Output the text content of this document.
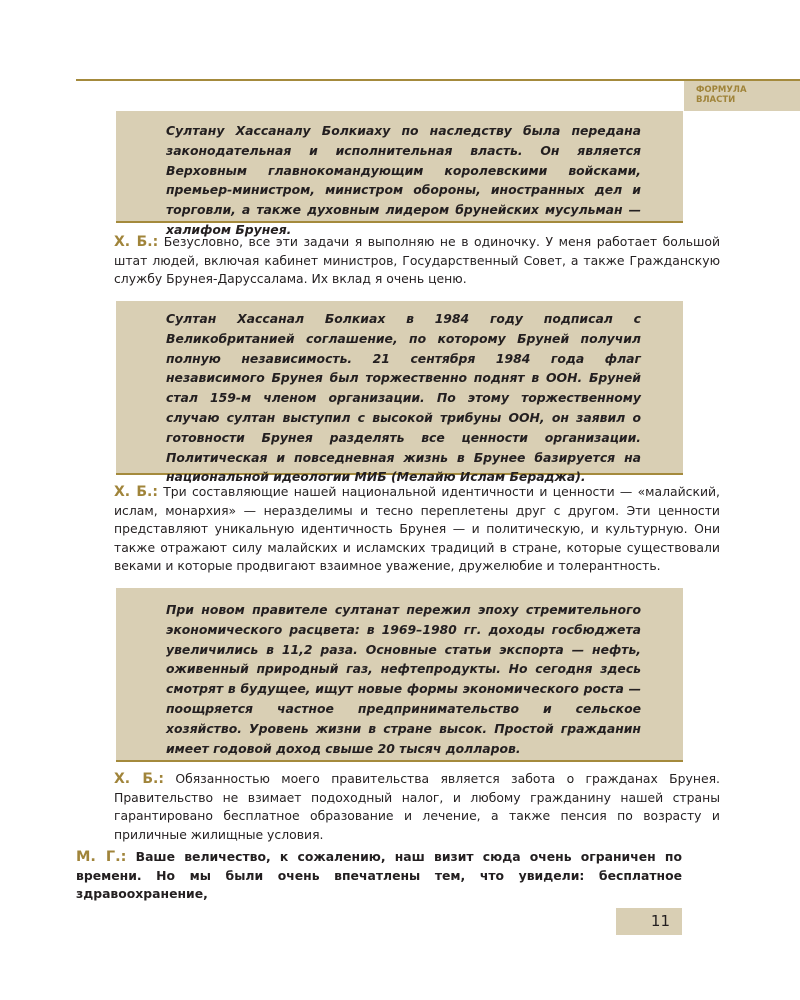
ФОРМУЛА
ВЛАСТИ

Султану Хассаналу Болкиаху по наследству была передана законодательная и исполнительная власть. Он является Верховным главнокомандующим королевскими войсками, премьер-министром, министром обороны, иностранных дел и торговли, а также духовным лидером брунейских мусульман — халифом Брунея.

Х. Б.: Безусловно, все эти задачи я выполняю не в одиночку. У меня работает большой штат людей, включая кабинет министров, Государственный Совет, а также Гражданскую службу Брунея-Даруссалама. Их вклад я очень ценю.

Султан Хассанал Болкиах в 1984 году подписал с Великобританией соглашение, по которому Бруней получил полную независимость. 21 сентября 1984 года флаг независимого Брунея был торжественно поднят в ООН. Бруней стал 159-м членом организации. По этому торжественному случаю султан выступил с высокой трибуны ООН, он заявил о готовности Брунея разделять все ценности организации. Политическая и повседневная жизнь в Брунее базируется на национальной идеологии МИБ (Мелайю Ислам Бераджа).

Х. Б.: Три составляющие нашей национальной идентичности и ценности — «малайский, ислам, монархия» — неразделимы и тесно переплетены друг с другом. Эти ценности представляют уникальную идентичность Брунея — и политическую, и культурную. Они также отражают силу малайских и исламских традиций в стране, которые существовали веками и которые продвигают взаимное уважение, дружелюбие и толерантность.

При новом правителе султанат пережил эпоху стремительного экономического расцвета: в 1969–1980 гг. доходы госбюджета увеличились в 11,2 раза. Основные статьи экспорта — нефть, оживенный природный газ, нефтепродукты. Но сегодня здесь смотрят в будущее, ищут новые формы экономического роста — поощряется частное предпринимательство и сельское хозяйство. Уровень жизни в стране высок. Простой гражданин имеет годовой доход свыше 20 тысяч долларов.

Х. Б.: Обязанностью моего правительства является забота о гражданах Брунея. Правительство не взимает подоходный налог, и любому гражданину нашей страны гарантировано бесплатное образование и лечение, а также пенсия по возрасту и приличные жилищные условия.

М. Г.: Ваше величество, к сожалению, наш визит сюда очень ограничен по времени. Но мы были очень впечатлены тем, что увидели: бесплатное здравоохранение,

11
